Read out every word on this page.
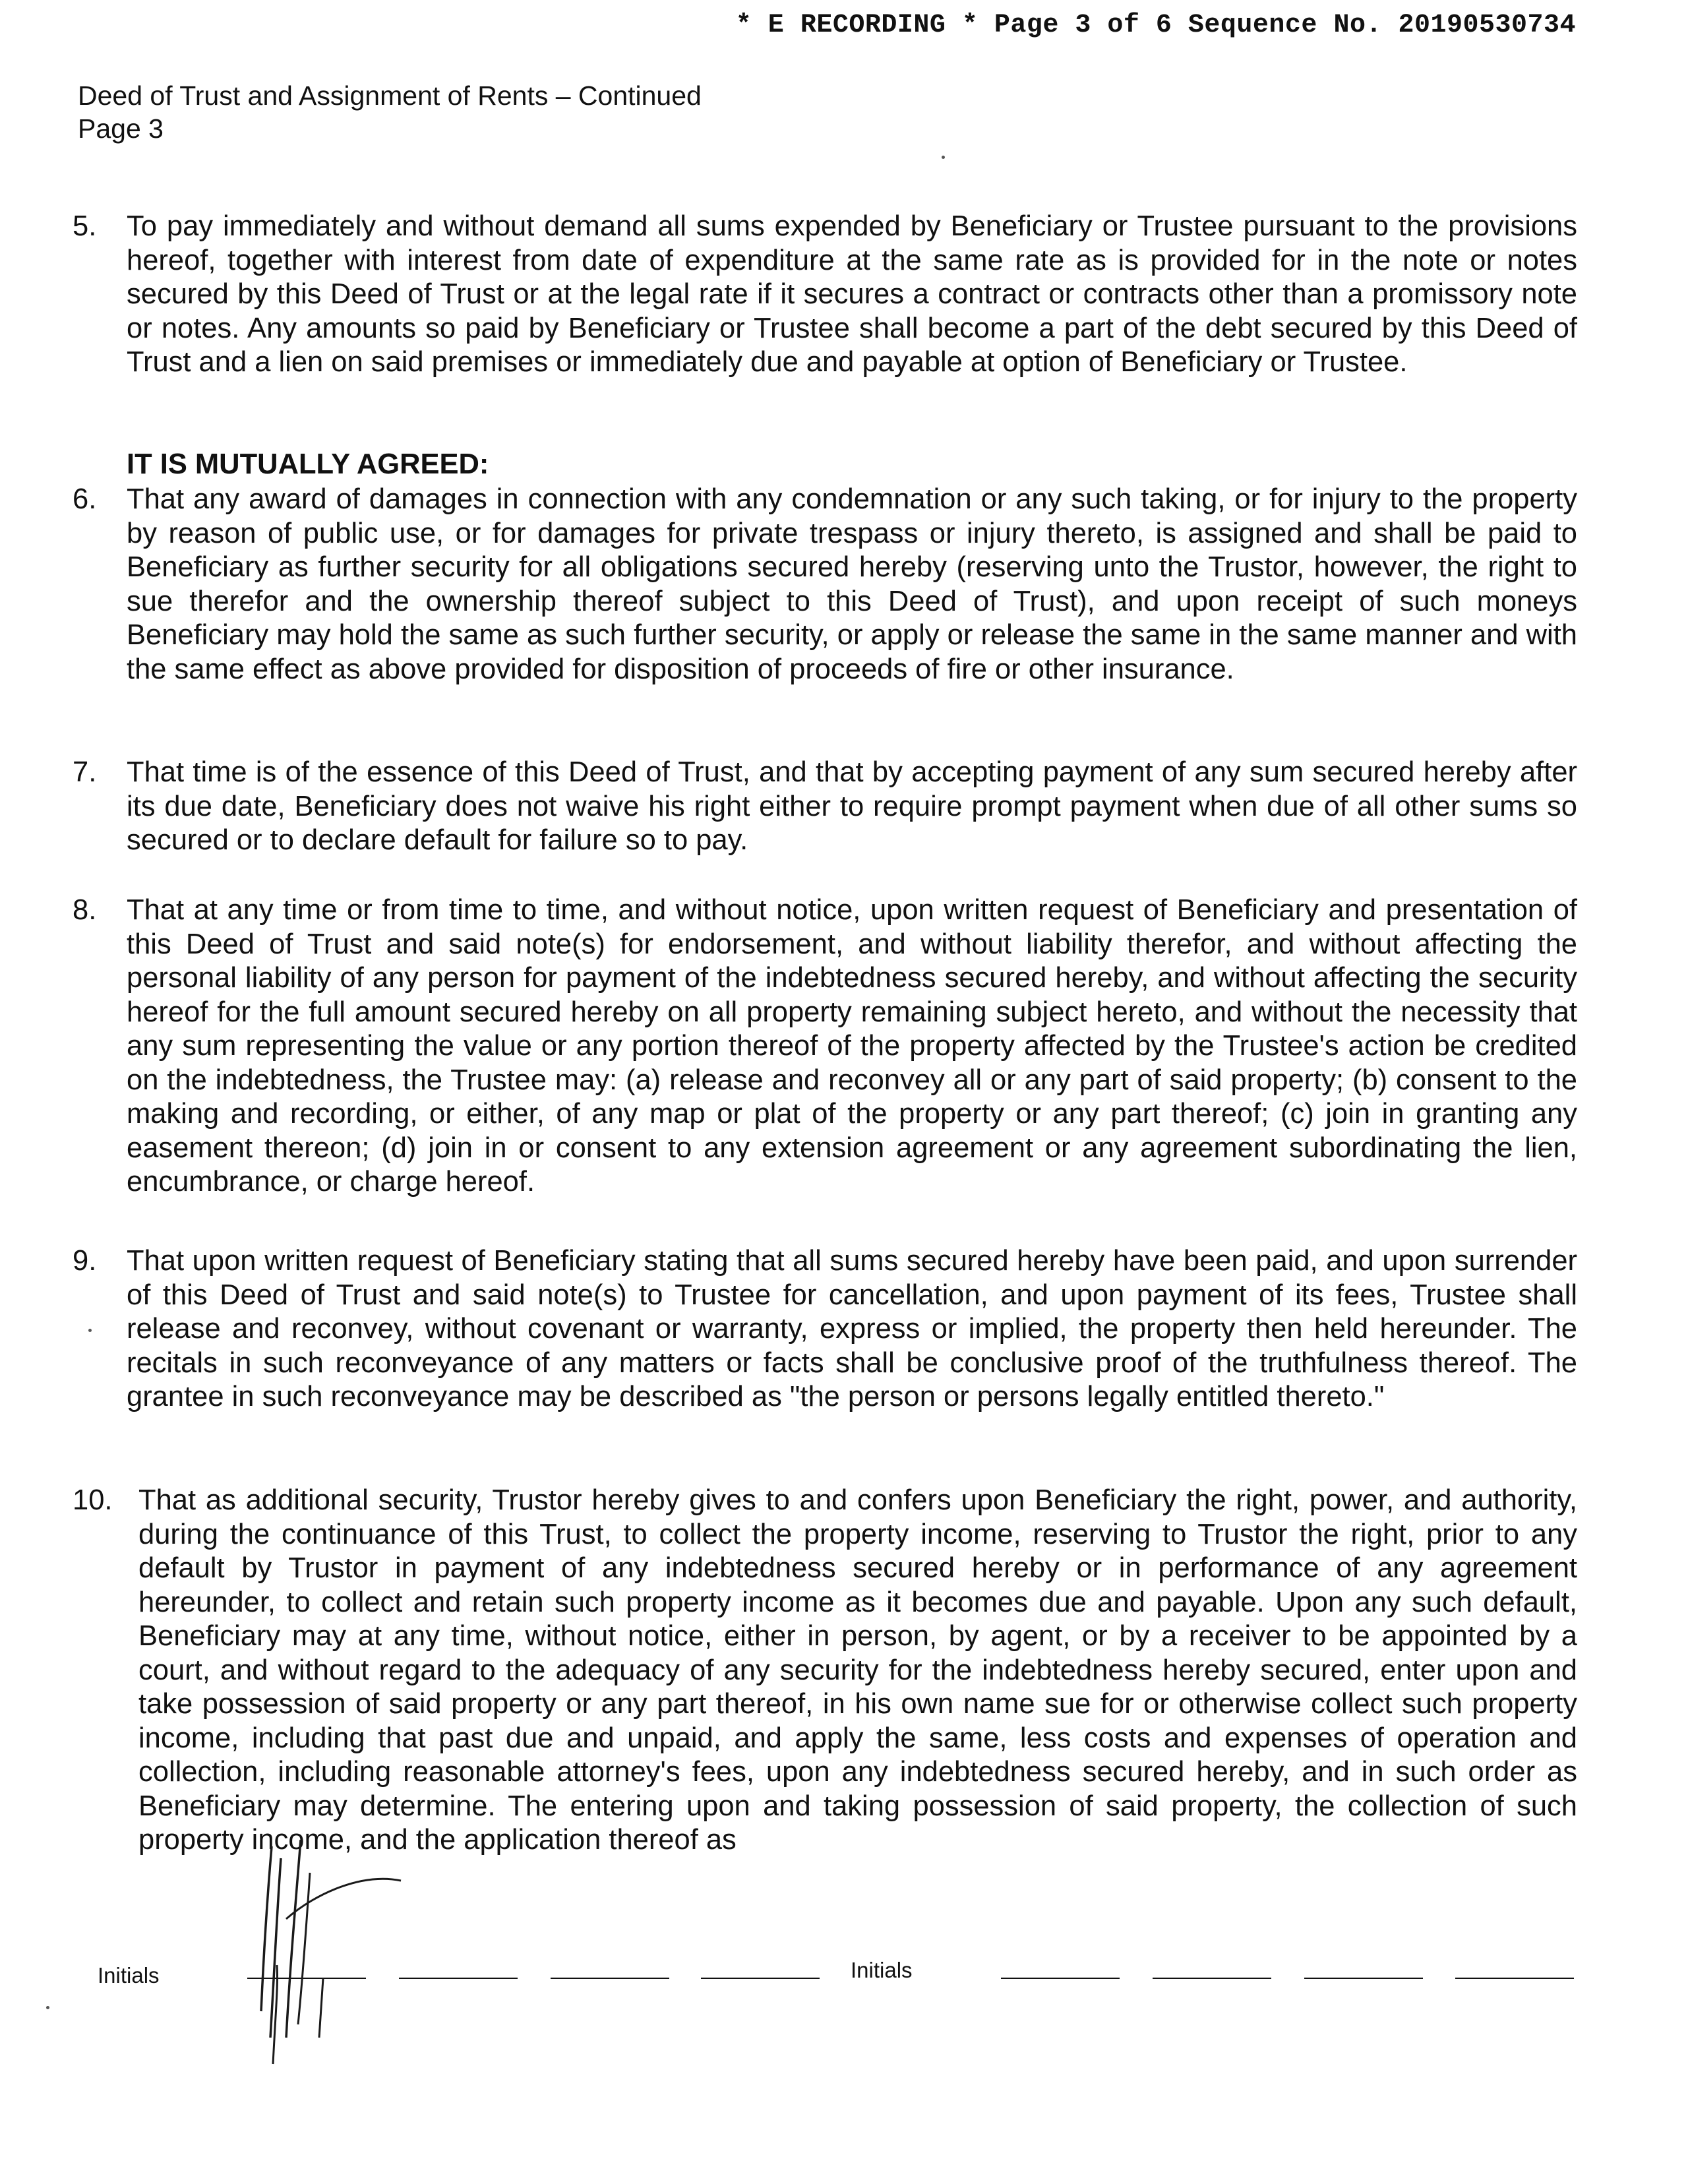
* E RECORDING * Page 3 of 6 Sequence No. 20190530734
Deed of Trust and Assignment of Rents – Continued
Page 3
5. To pay immediately and without demand all sums expended by Beneficiary or Trustee pursuant to the provisions hereof, together with interest from date of expenditure at the same rate as is provided for in the note or notes secured by this Deed of Trust or at the legal rate if it secures a contract or contracts other than a promissory note or notes. Any amounts so paid by Beneficiary or Trustee shall become a part of the debt secured by this Deed of Trust and a lien on said premises or immediately due and payable at option of Beneficiary or Trustee.
IT IS MUTUALLY AGREED:
6. That any award of damages in connection with any condemnation or any such taking, or for injury to the property by reason of public use, or for damages for private trespass or injury thereto, is assigned and shall be paid to Beneficiary as further security for all obligations secured hereby (reserving unto the Trustor, however, the right to sue therefor and the ownership thereof subject to this Deed of Trust), and upon receipt of such moneys Beneficiary may hold the same as such further security, or apply or release the same in the same manner and with the same effect as above provided for disposition of proceeds of fire or other insurance.
7. That time is of the essence of this Deed of Trust, and that by accepting payment of any sum secured hereby after its due date, Beneficiary does not waive his right either to require prompt payment when due of all other sums so secured or to declare default for failure so to pay.
8. That at any time or from time to time, and without notice, upon written request of Beneficiary and presentation of this Deed of Trust and said note(s) for endorsement, and without liability therefor, and without affecting the personal liability of any person for payment of the indebtedness secured hereby, and without affecting the security hereof for the full amount secured hereby on all property remaining subject hereto, and without the necessity that any sum representing the value or any portion thereof of the property affected by the Trustee's action be credited on the indebtedness, the Trustee may: (a) release and reconvey all or any part of said property; (b) consent to the making and recording, or either, of any map or plat of the property or any part thereof; (c) join in granting any easement thereon; (d) join in or consent to any extension agreement or any agreement subordinating the lien, encumbrance, or charge hereof.
9. That upon written request of Beneficiary stating that all sums secured hereby have been paid, and upon surrender of this Deed of Trust and said note(s) to Trustee for cancellation, and upon payment of its fees, Trustee shall release and reconvey, without covenant or warranty, express or implied, the property then held hereunder. The recitals in such reconveyance of any matters or facts shall be conclusive proof of the truthfulness thereof. The grantee in such reconveyance may be described as "the person or persons legally entitled thereto."
10. That as additional security, Trustor hereby gives to and confers upon Beneficiary the right, power, and authority, during the continuance of this Trust, to collect the property income, reserving to Trustor the right, prior to any default by Trustor in payment of any indebtedness secured hereby or in performance of any agreement hereunder, to collect and retain such property income as it becomes due and payable. Upon any such default, Beneficiary may at any time, without notice, either in person, by agent, or by a receiver to be appointed by a court, and without regard to the adequacy of any security for the indebtedness hereby secured, enter upon and take possession of said property or any part thereof, in his own name sue for or otherwise collect such property income, including that past due and unpaid, and apply the same, less costs and expenses of operation and collection, including reasonable attorney's fees, upon any indebtedness secured hereby, and in such order as Beneficiary may determine. The entering upon and taking possession of said property, the collection of such property income, and the application thereof as
Initials	Initials
